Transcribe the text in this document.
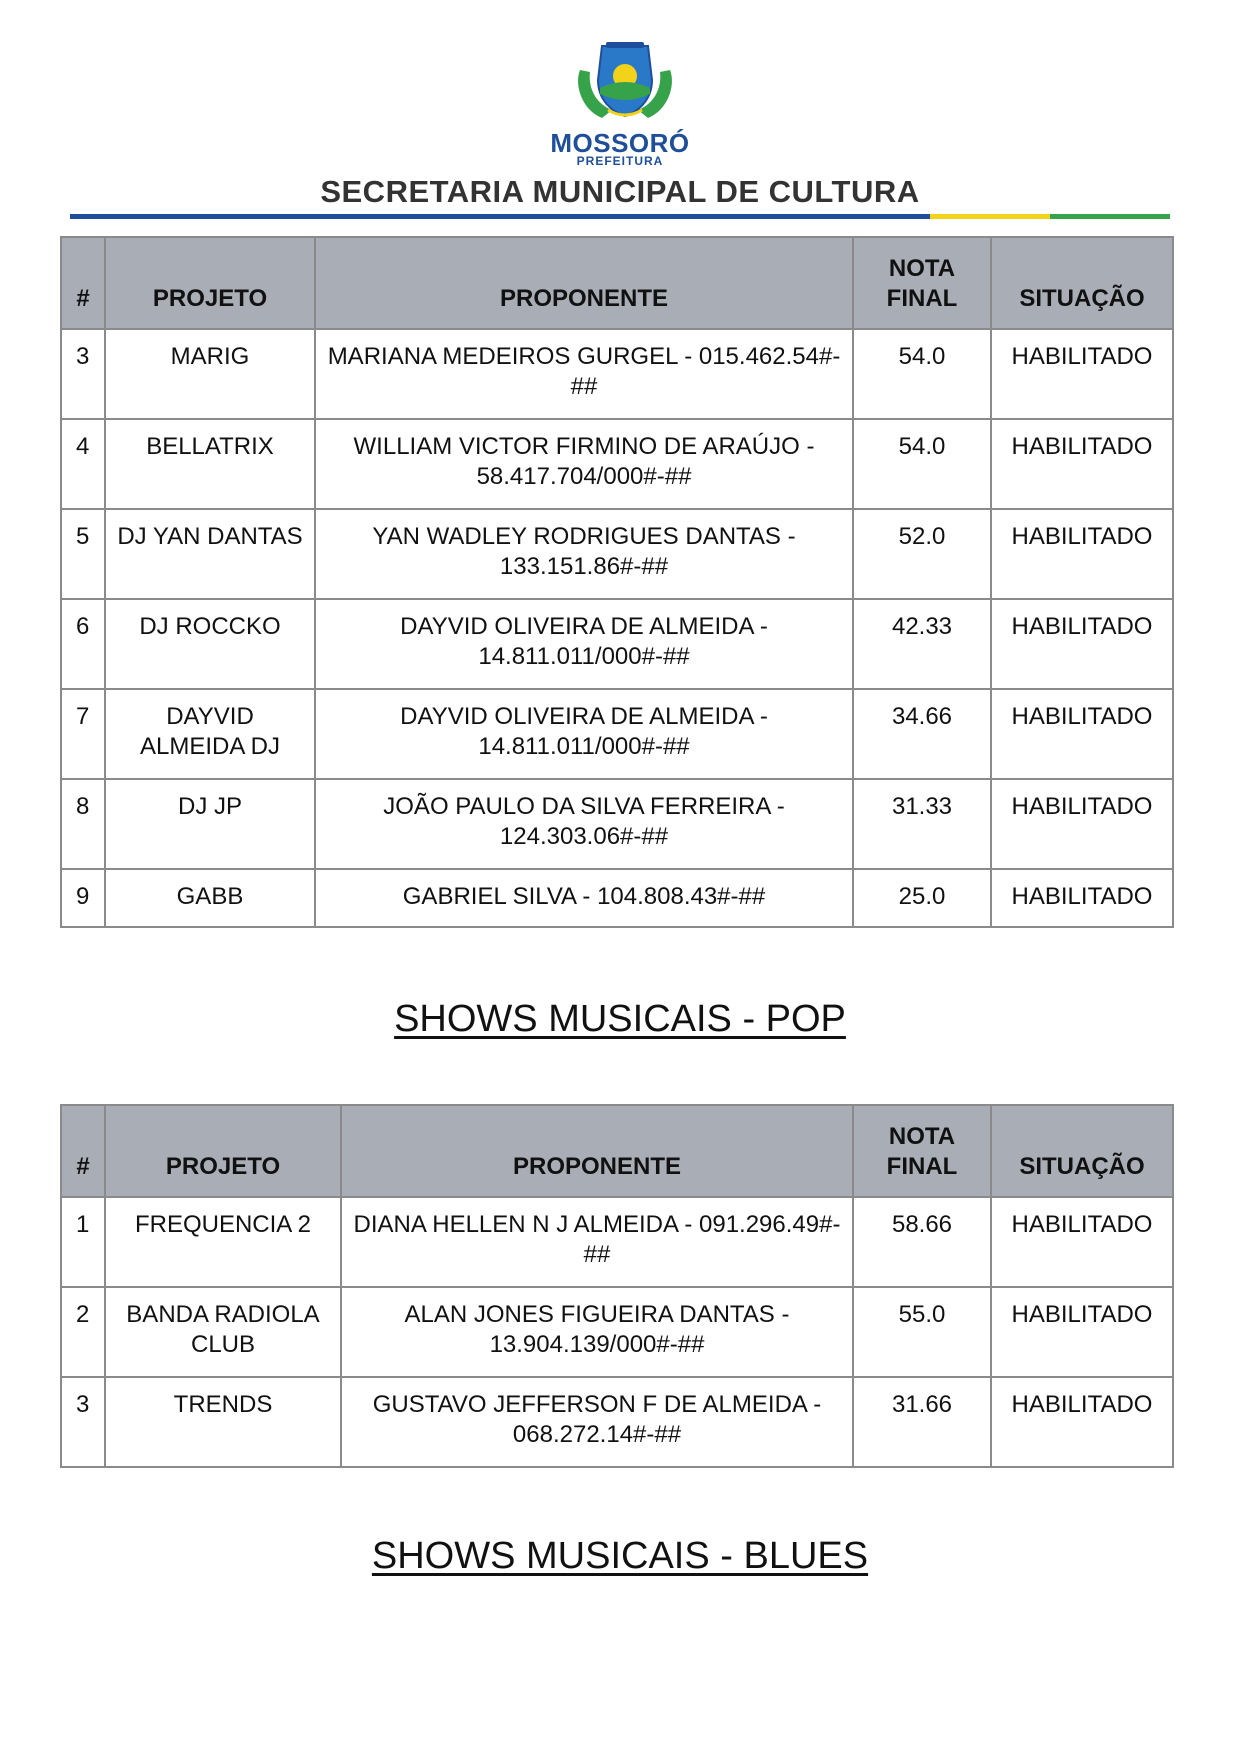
MOSSORÓ
PREFEITURA
SECRETARIA MUNICIPAL DE CULTURA
#	PROJETO	PROPONENTE	NOTA FINAL	SITUAÇÃO
3	MARIG	MARIANA MEDEIROS GURGEL - 015.462.54#-##	54.0	HABILITADO
4	BELLATRIX	WILLIAM VICTOR FIRMINO DE ARAÚJO - 58.417.704/000#-##	54.0	HABILITADO
5	DJ YAN DANTAS	YAN WADLEY RODRIGUES DANTAS - 133.151.86#-##	52.0	HABILITADO
6	DJ ROCCKO	DAYVID OLIVEIRA DE ALMEIDA - 14.811.011/000#-##	42.33	HABILITADO
7	DAYVID ALMEIDA DJ	DAYVID OLIVEIRA DE ALMEIDA - 14.811.011/000#-##	34.66	HABILITADO
8	DJ JP	JOÃO PAULO DA SILVA FERREIRA - 124.303.06#-##	31.33	HABILITADO
9	GABB	GABRIEL SILVA - 104.808.43#-##	25.0	HABILITADO
SHOWS MUSICAIS - POP
#	PROJETO	PROPONENTE	NOTA FINAL	SITUAÇÃO
1	FREQUENCIA 2	DIANA HELLEN N J ALMEIDA - 091.296.49#-##	58.66	HABILITADO
2	BANDA RADIOLA CLUB	ALAN JONES FIGUEIRA DANTAS - 13.904.139/000#-##	55.0	HABILITADO
3	TRENDS	GUSTAVO JEFFERSON F DE ALMEIDA - 068.272.14#-##	31.66	HABILITADO
SHOWS MUSICAIS - BLUES
